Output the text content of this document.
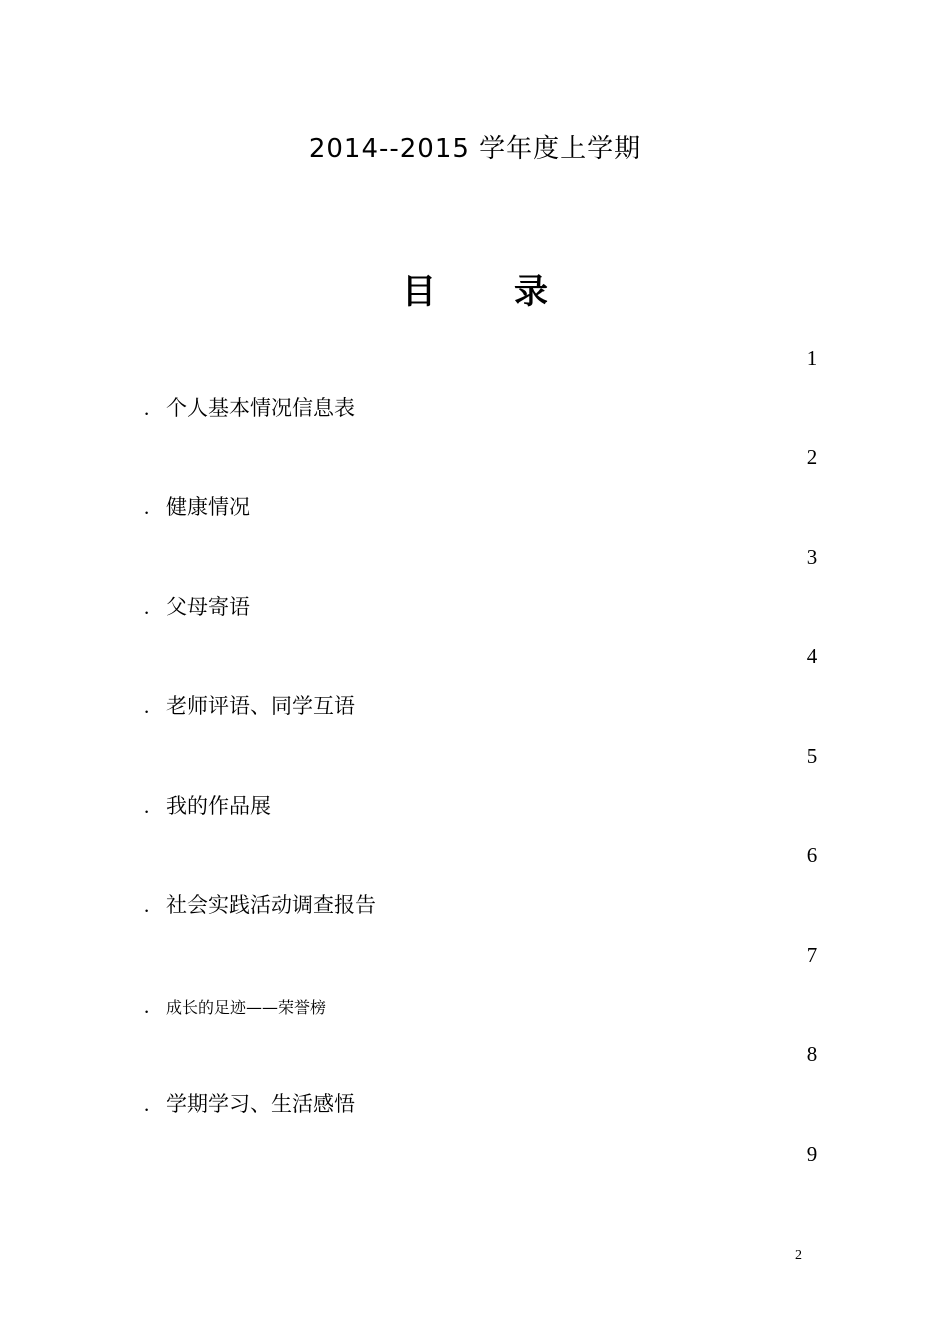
2014--2015 学年度上学期
目 录
1
. 个人基本情况信息表
2
. 健康情况
3
. 父母寄语
4
. 老师评语、同学互语
5
. 我的作品展
6
. 社会实践活动调查报告
7
. 成长的足迹——荣誉榜
8
. 学期学习、生活感悟
9
2
